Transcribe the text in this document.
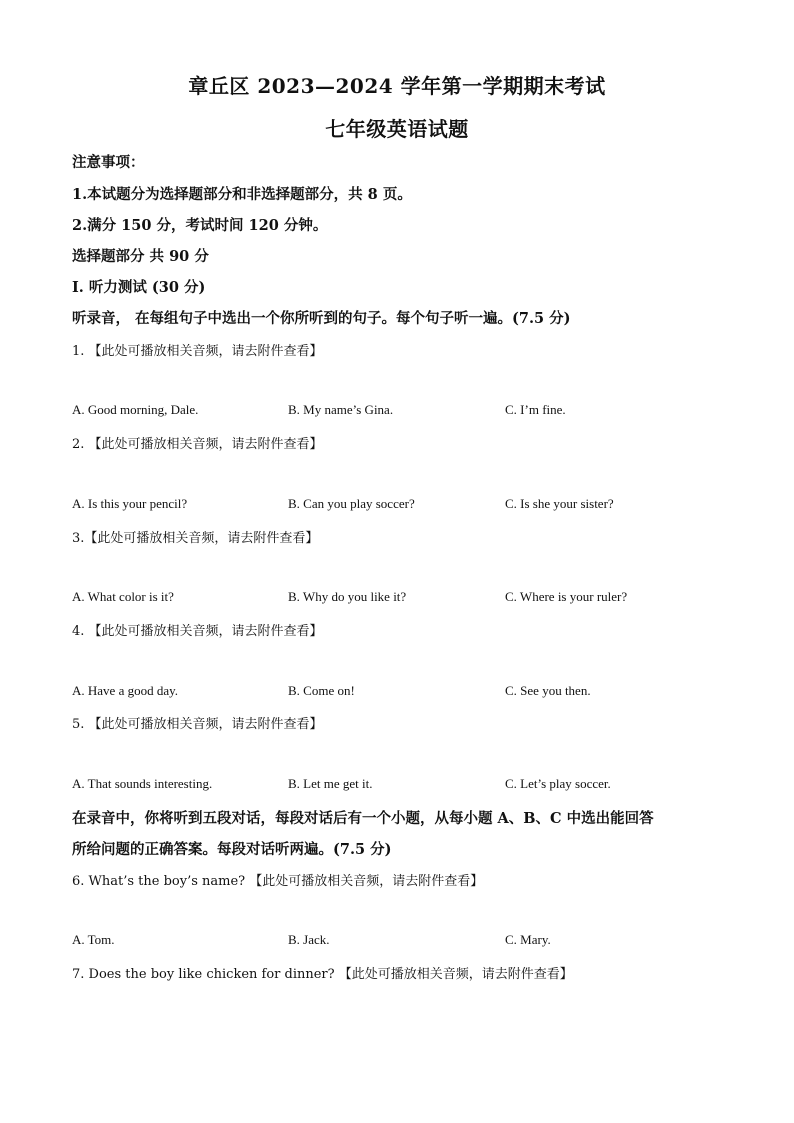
章丘区 2023—2024 学年第一学期期末考试
七年级英语试题
注意事项：
1.本试题分为选择题部分和非选择题部分，共 8 页。
2.满分 150 分，考试时间 120 分钟。
选择题部分 共 90 分
I. 听力测试 (30 分)
听录音， 在每组句子中选出一个你所听到的句子。每个句子听一遍。(7.5 分)
1. 【此处可播放相关音频，请去附件查看】
A. Good morning, Dale.	B. My name’s Gina.	C. I’m fine.
2. 【此处可播放相关音频，请去附件查看】
A. Is this your pencil?	B. Can you play soccer?	C. Is she your sister?
3.【此处可播放相关音频，请去附件查看】
A. What color is it?	B. Why do you like it?	C. Where is your ruler?
4. 【此处可播放相关音频，请去附件查看】
A. Have a good day.	B. Come on!	C. See you then.
5. 【此处可播放相关音频，请去附件查看】
A. That sounds interesting.	B. Let me get it.	C. Let’s play soccer.
在录音中，你将听到五段对话，每段对话后有一个小题，从每小题 A、B、C 中选出能回答
所给问题的正确答案。每段对话听两遍。(7.5 分)
6. What’s the boy’s name? 【此处可播放相关音频，请去附件查看】
A. Tom.	B. Jack.	C. Mary.
7. Does the boy like chicken for dinner? 【此处可播放相关音频，请去附件查看】
